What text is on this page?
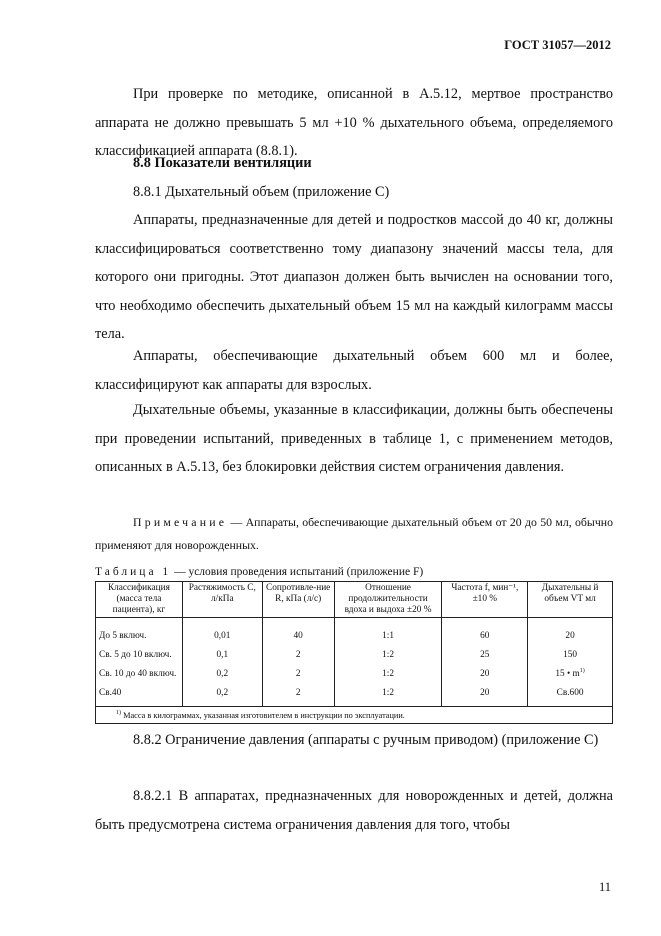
ГОСТ 31057—2012

При проверке по методике, описанной в А.5.12, мертвое пространство аппарата не должно превышать 5 мл +10 % дыхательного объема, определяемого классификацией аппарата (8.8.1).

8.8 Показатели вентиляции

8.8.1 Дыхательный объем (приложение С)

Аппараты, предназначенные для детей и подростков массой до 40 кг, должны классифицироваться соответственно тому диапазону значений массы тела, для которого они пригодны. Этот диапазон должен быть вычислен на основании того, что необходимо обеспечить дыхательный объем 15 мл на каждый килограмм массы тела.

Аппараты, обеспечивающие дыхательный объем 600 мл и более, классифицируют как аппараты для взрослых.

Дыхательные объемы, указанные в классификации, должны быть обеспечены при проведении испытаний, приведенных в таблице 1, с применением методов, описанных в А.5.13, без блокировки действия систем ограничения давления.

Примечание — Аппараты, обеспечивающие дыхательный объем от 20 до 50 мл, обычно применяют для новорожденных.

Таблица 1 — условия проведения испытаний (приложение F)
Классификация (масса тела пациента), кг	Растяжимость C, л/кПа	Сопротивле-ние R, кПа (л/с)	Отношение продолжительности вдоха и выдоха ±20 %	Частота f, мин⁻¹, ±10 %	Дыхательны й объем VT мл
До 5 включ.	0,01	40	1:1	60	20
Св. 5 до 10 включ.	0,1	2	1:2	25	150
Св. 10 до 40 включ.	0,2	2	1:2	20	15 • $m^{1)}$
Св.40	0,2	2	1:2	20	Св.600
$^{1)}$ Масса в килограммах, указанная изготовителем в инструкции по эксплуатации.					

8.8.2 Ограничение давления (аппараты с ручным приводом) (приложение С)

8.8.2.1 В аппаратах, предназначенных для новорожденных и детей, должна быть предусмотрена система ограничения давления для того, чтобы

11
